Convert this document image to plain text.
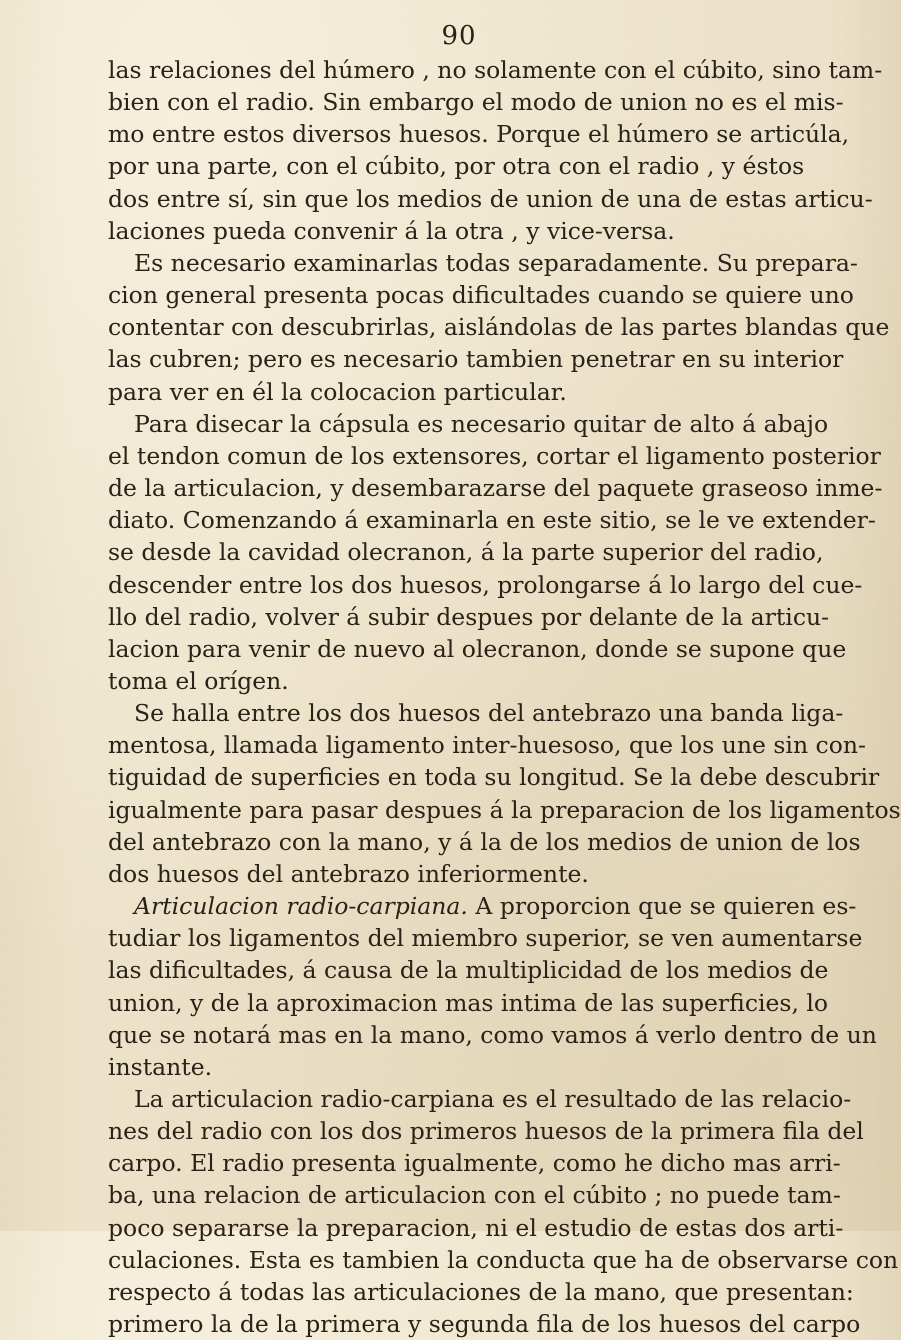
90
las relaciones del húmero , no solamente con el cúbito, sino tam-
bien con el radio. Sin embargo el modo de union no es el mis-
mo entre estos diversos huesos. Porque el húmero se articúla,
por una parte, con el cúbito, por otra con el radio , y éstos
dos entre sí, sin que los medios de union de una de estas articu-
laciones pueda convenir á la otra , y vice-versa.
Es necesario examinarlas todas separadamente. Su prepara-
cion general presenta pocas dificultades cuando se quiere uno
contentar con descubrirlas, aislándolas de las partes blandas que
las cubren; pero es necesario tambien penetrar en su interior
para ver en él la colocacion particular.
Para disecar la cápsula es necesario quitar de alto á abajo
el tendon comun de los extensores, cortar el ligamento posterior
de la articulacion, y desembarazarse del paquete graseoso inme-
diato. Comenzando á examinarla en este sitio, se le ve extender-
se desde la cavidad olecranon, á la parte superior del radio,
descender entre los dos huesos, prolongarse á lo largo del cue-
llo del radio, volver á subir despues por delante de la articu-
lacion para venir de nuevo al olecranon, donde se supone que
toma el orígen.
Se halla entre los dos huesos del antebrazo una banda liga-
mentosa, llamada ligamento inter-huesoso, que los une sin con-
tiguidad de superficies en toda su longitud. Se la debe descubrir
igualmente para pasar despues á la preparacion de los ligamentos
del antebrazo con la mano, y á la de los medios de union de los
dos huesos del antebrazo inferiormente.
Articulacion radio-carpiana. A proporcion que se quieren es-
tudiar los ligamentos del miembro superior, se ven aumentarse
las dificultades, á causa de la multiplicidad de los medios de
union, y de la aproximacion mas intima de las superficies, lo
que se notará mas en la mano, como vamos á verlo dentro de un
instante.
La articulacion radio-carpiana es el resultado de las relacio-
nes del radio con los dos primeros huesos de la primera fila del
carpo. El radio presenta igualmente, como he dicho mas arri-
ba, una relacion de articulacion con el cúbito ; no puede tam-
poco separarse la preparacion, ni el estudio de estas dos arti-
culaciones. Esta es tambien la conducta que ha de observarse con
respecto á todas las articulaciones de la mano, que presentan:
primero la de la primera y segunda fila de los huesos del carpo
